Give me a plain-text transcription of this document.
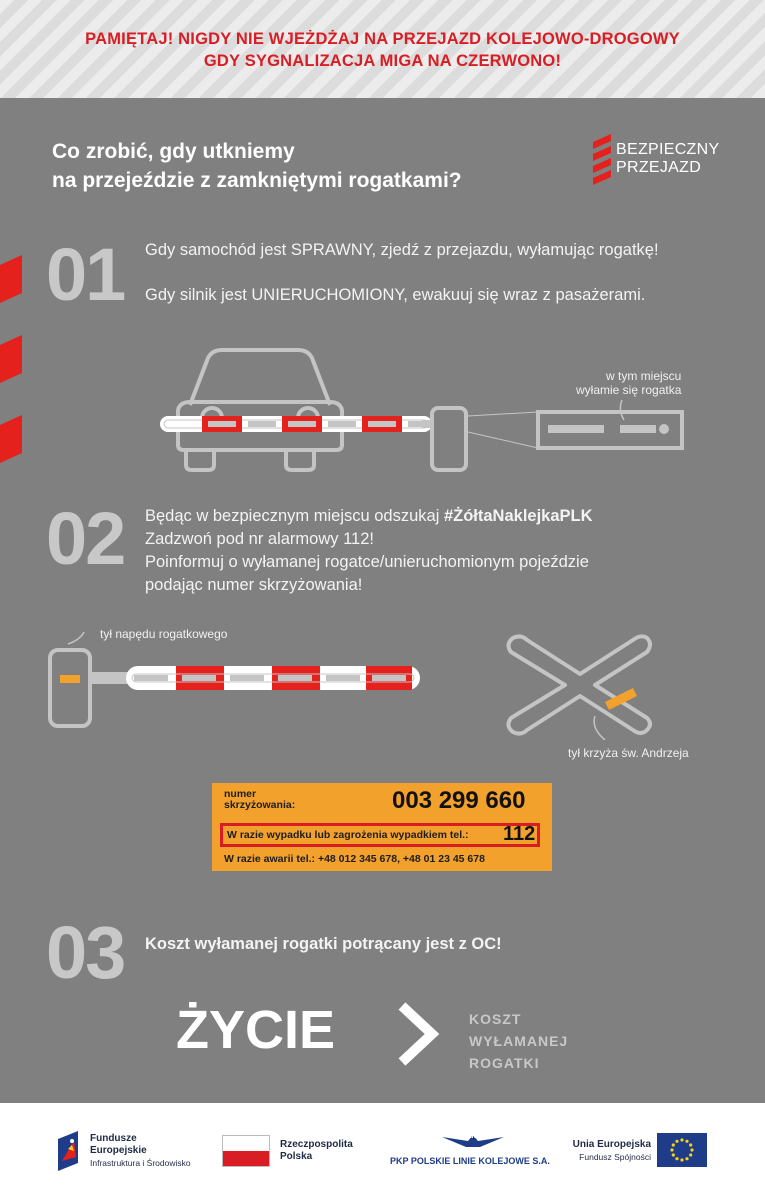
PAMIĘTAJ! NIGDY NIE WJEŻDŻAJ NA PRZEJAZD KOLEJOWO-DROGOWY
GDY SYGNALIZACJA MIGA NA CZERWONO!
Co zrobić, gdy utkniemy
na przejeździe z zamkniętymi rogatkami?
BEZPIECZNY
PRZEJAZD
01 Gdy samochód jest SPRAWNY, zjedź z przejazdu, wyłamując rogatkę!
Gdy silnik jest UNIERUCHOMIONY, ewakuuj się wraz z pasażerami.
w tym miejscu
wyłamie się rogatka
02 Będąc w bezpiecznym miejscu odszukaj #ŻółtaNaklejkaPLK
Zadzwoń pod nr alarmowy 112!
Poinformuj o wyłamanej rogatce/unieruchomionym pojeździe
podając numer skrzyżowania!
tył napędu rogatkowego
tył krzyża św. Andrzeja
numer
skrzyżowania:	003 299 660
W razie wypadku lub zagrożenia wypadkiem tel.: 112
W razie awarii tel.: +48 012 345 678, +48 01 23 45 678
03 Koszt wyłamanej rogatki potrącany jest z OC!
ŻYCIE	KOSZT
WYŁAMANEJ
ROGATKI
Fundusze
Europejskie
Infrastruktura i Środowisko
Rzeczpospolita
Polska
PLK
PKP POLSKIE LINIE KOLEJOWE S.A.
Unia Europejska
Fundusz Spójności
